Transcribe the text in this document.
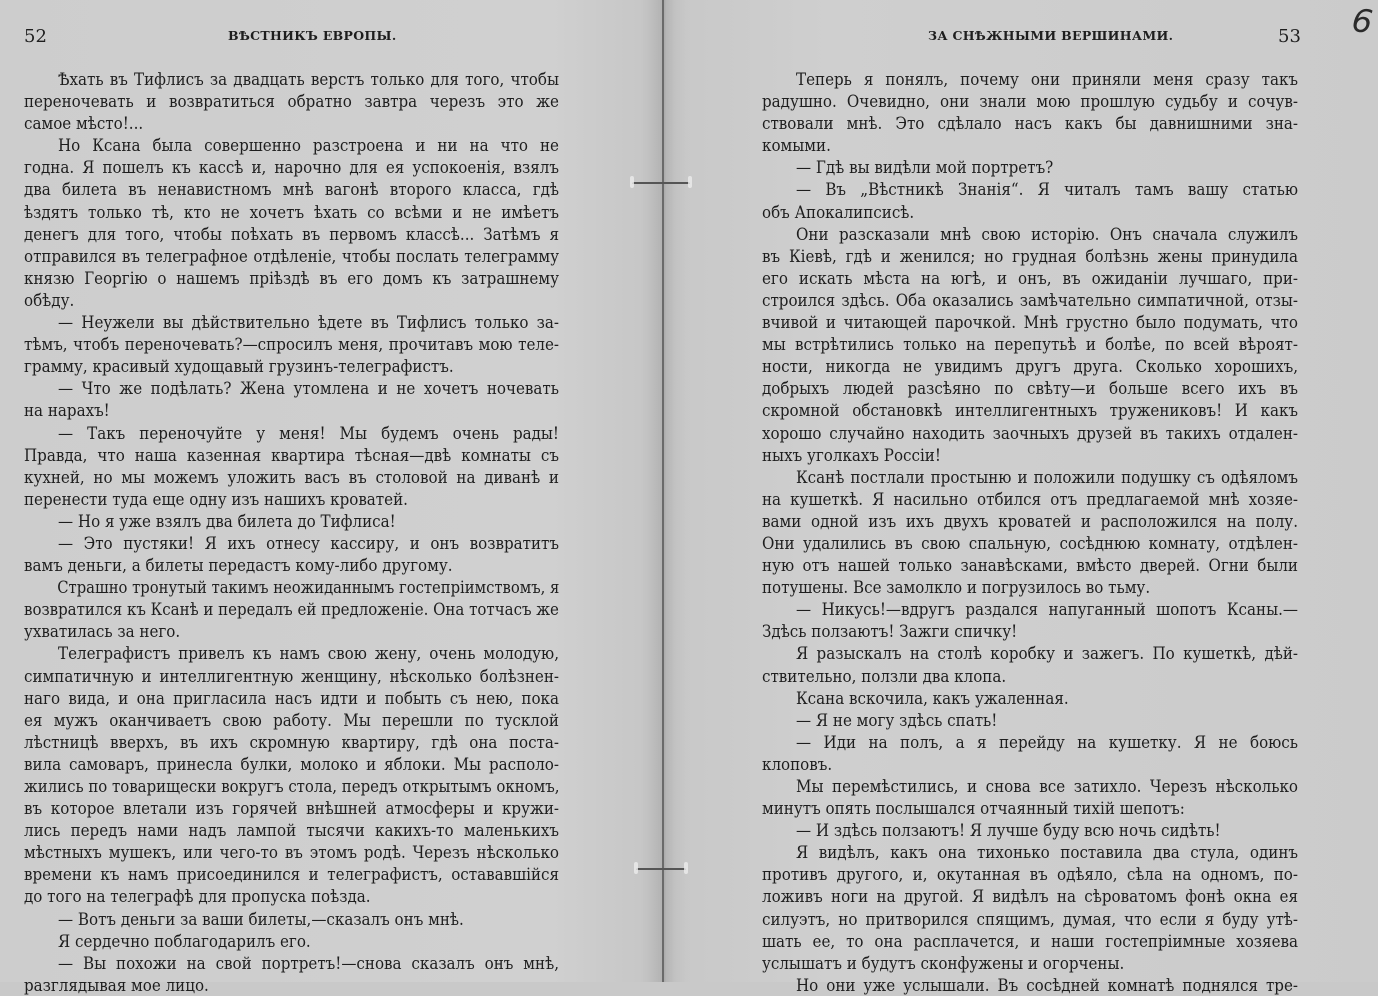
52	ВѢСТНИКЪ ЕВРОПЫ.
Ѣхать въ Тифлисъ за двадцать верстъ только для того, чтобы
переночевать и возвратиться обратно завтра черезъ это же
самое мѣсто!...
Но Ксана была совершенно разстроена и ни на что не
годна. Я пошелъ къ кассѣ и, нарочно для ея успокоенія, взялъ
два билета въ ненавистномъ мнѣ вагонѣ второго класса, гдѣ
ѣздятъ только тѣ, кто не хочетъ ѣхать со всѣми и не имѣетъ
денегъ для того, чтобы поѣхать въ первомъ классѣ... Затѣмъ я
отправился въ телеграфное отдѣленіе, чтобы послать телеграмму
князю Георгію о нашемъ пріѣздѣ въ его домъ къ затрашнему
обѣду.
— Неужели вы дѣйствительно ѣдете въ Тифлисъ только за-
тѣмъ, чтобъ переночевать?—спросилъ меня, прочитавъ мою теле-
грамму, красивый худощавый грузинъ-телеграфистъ.
— Что же подѣлать? Жена утомлена и не хочетъ ночевать
на нарахъ!
— Такъ переночуйте у меня! Мы будемъ очень рады!
Правда, что наша казенная квартира тѣсная—двѣ комнаты съ
кухней, но мы можемъ уложить васъ въ столовой на диванѣ и
перенести туда еще одну изъ нашихъ кроватей.
— Но я уже взялъ два билета до Тифлиса!
— Это пустяки! Я ихъ отнесу кассиру, и онъ возвратитъ
вамъ деньги, а билеты передастъ кому-либо другому.
Страшно тронутый такимъ неожиданнымъ гостепріимствомъ, я
возвратился къ Ксанѣ и передалъ ей предложеніе. Она тотчасъ же
ухватилась за него.
Телеграфистъ привелъ къ намъ свою жену, очень молодую,
симпатичную и интеллигентную женщину, нѣсколько болѣзнен-
наго вида, и она пригласила насъ идти и побыть съ нею, пока
ея мужъ оканчиваетъ свою работу. Мы перешли по тусклой
лѣстницѣ вверхъ, въ ихъ скромную квартиру, гдѣ она поста-
вила самоваръ, принесла булки, молоко и яблоки. Мы располо-
жились по товарищески вокругъ стола, передъ открытымъ окномъ,
въ которое влетали изъ горячей внѣшней атмосферы и кружи-
лись передъ нами надъ лампой тысячи какихъ-то маленькихъ
мѣстныхъ мушекъ, или чего-то въ этомъ родѣ. Черезъ нѣсколько
времени къ намъ присоединился и телеграфистъ, остававшійся
до того на телеграфѣ для пропуска поѣзда.
— Вотъ деньги за ваши билеты,—сказалъ онъ мнѣ.
Я сердечно поблагодарилъ его.
— Вы похожи на свой портретъ!—снова сказалъ онъ мнѣ,
разглядывая мое лицо.
ЗА СНѢЖНЫМИ ВЕРШИНАМИ.	53
Теперь я понялъ, почему они приняли меня сразу такъ
радушно. Очевидно, они знали мою прошлую судьбу и сочув-
ствовали мнѣ. Это сдѣлало насъ какъ бы давнишними зна-
комыми.
— Гдѣ вы видѣли мой портретъ?
— Въ „Вѣстникѣ Знанія“. Я читалъ тамъ вашу статью
объ Апокалипсисѣ.
Они разсказали мнѣ свою исторію. Онъ сначала служилъ
въ Кіевѣ, гдѣ и женился; но грудная болѣзнь жены принудила
его искать мѣста на югѣ, и онъ, въ ожиданіи лучшаго, при-
строился здѣсь. Оба оказались замѣчательно симпатичной, отзы-
вчивой и читающей парочкой. Мнѣ грустно было подумать, что
мы встрѣтились только на перепутьѣ и болѣе, по всей вѣроят-
ности, никогда не увидимъ другъ друга. Сколько хорошихъ,
добрыхъ людей разсѣяно по свѣту—и больше всего ихъ въ
скромной обстановкѣ интеллигентныхъ тружениковъ! И какъ
хорошо случайно находить заочныхъ друзей въ такихъ отдален-
ныхъ уголкахъ Россіи!
Ксанѣ постлали простыню и положили подушку съ одѣяломъ
на кушеткѣ. Я насильно отбился отъ предлагаемой мнѣ хозяе-
вами одной изъ ихъ двухъ кроватей и расположился на полу.
Они удалились въ свою спальную, сосѣднюю комнату, отдѣлен-
ную отъ нашей только занавѣсками, вмѣсто дверей. Огни были
потушены. Все замолкло и погрузилось во тьму.
— Никусь!—вдругъ раздался напуганный шопотъ Ксаны.—
Здѣсь ползаютъ! Зажги спичку!
Я разыскалъ на столѣ коробку и зажегъ. По кушеткѣ, дѣй-
ствительно, ползли два клопа.
Ксана вскочила, какъ ужаленная.
— Я не могу здѣсь спать!
— Иди на полъ, а я перейду на кушетку. Я не боюсь
клоповъ.
Мы перемѣстились, и снова все затихло. Черезъ нѣсколько
минутъ опять послышался отчаянный тихій шепотъ:
— И здѣсь ползаютъ! Я лучше буду всю ночь сидѣть!
Я видѣлъ, какъ она тихонько поставила два стула, одинъ
противъ другого, и, окутанная въ одѣяло, сѣла на одномъ, по-
ложивъ ноги на другой. Я видѣлъ на сѣроватомъ фонѣ окна ея
силуэтъ, но притворился спящимъ, думая, что если я буду утѣ-
шать ее, то она расплачется, и наши гостепріимные хозяева
услышатъ и будутъ сконфужены и огорчены.
Но они уже услышали. Въ сосѣдней комнатѣ поднялся тре-
6
